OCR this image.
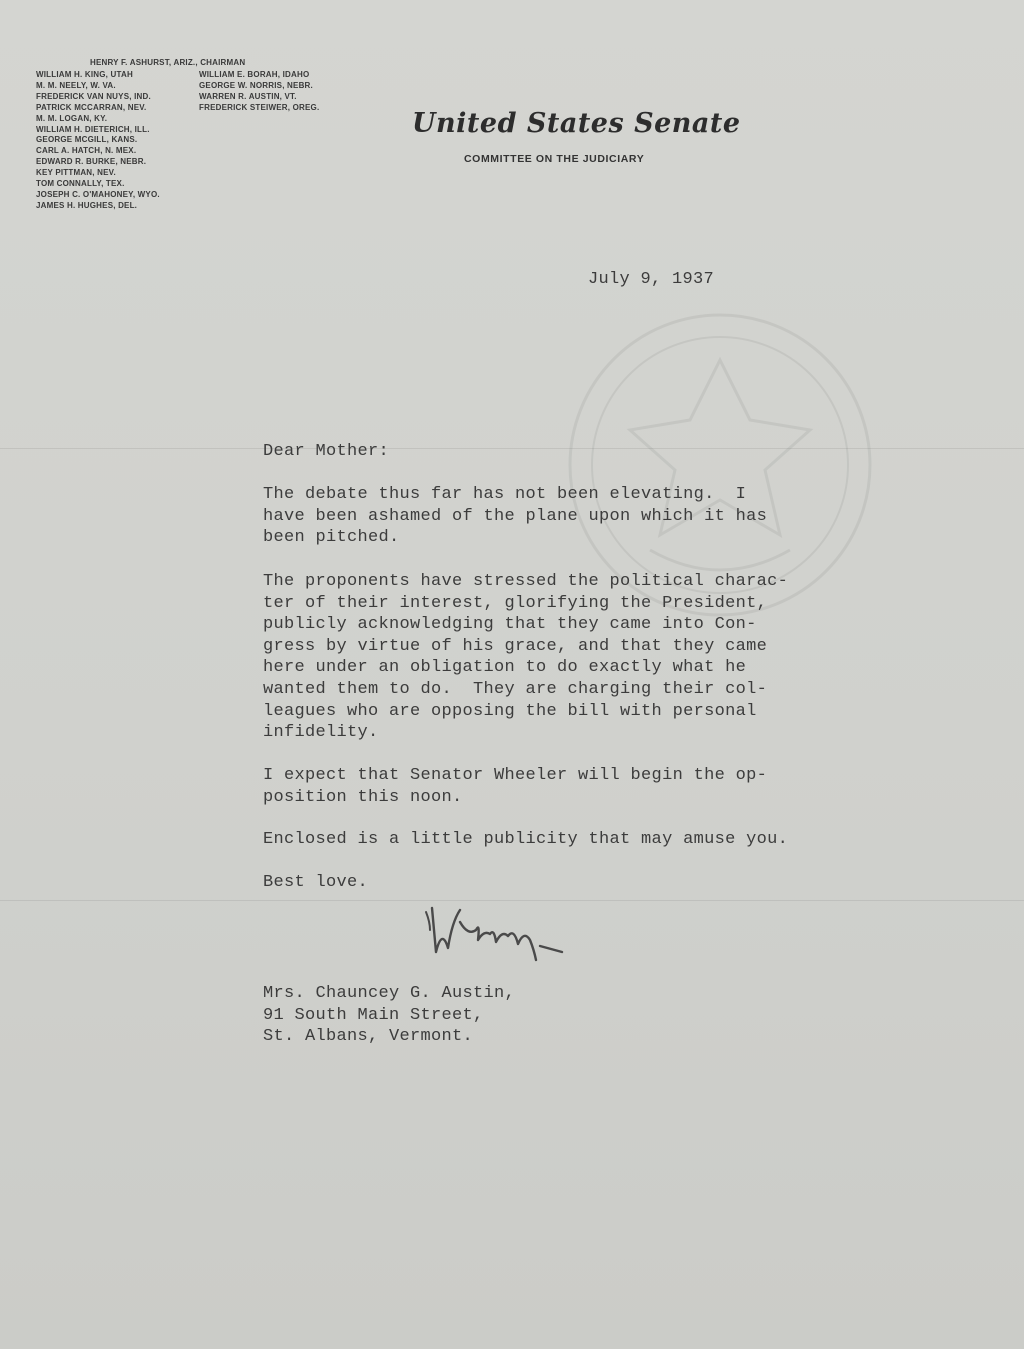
HENRY F. ASHURST, ARIZ., CHAIRMAN
WILLIAM H. KING, UTAH
M. M. NEELY, W. VA.
FREDERICK VAN NUYS, IND.
PATRICK MCCARRAN, NEV.
M. M. LOGAN, KY.
WILLIAM H. DIETERICH, ILL.
GEORGE MCGILL, KANS.
CARL A. HATCH, N. MEX.
EDWARD R. BURKE, NEBR.
KEY PITTMAN, NEV.
TOM CONNALLY, TEX.
JOSEPH C. O'MAHONEY, WYO.
JAMES H. HUGHES, DEL.
WILLIAM E. BORAH, IDAHO
GEORGE W. NORRIS, NEBR.
WARREN R. AUSTIN, VT.
FREDERICK STEIWER, OREG.
United States Senate
COMMITTEE ON THE JUDICIARY
July 9, 1937
Dear Mother:
The debate thus far has not been elevating.  I
have been ashamed of the plane upon which it has
been pitched.
The proponents have stressed the political charac-
ter of their interest, glorifying the President,
publicly acknowledging that they came into Con-
gress by virtue of his grace, and that they came
here under an obligation to do exactly what he
wanted them to do.  They are charging their col-
leagues who are opposing the bill with personal
infidelity.
I expect that Senator Wheeler will begin the op-
position this noon.
Enclosed is a little publicity that may amuse you.
Best love.
Mrs. Chauncey G. Austin,
91 South Main Street,
St. Albans, Vermont.
